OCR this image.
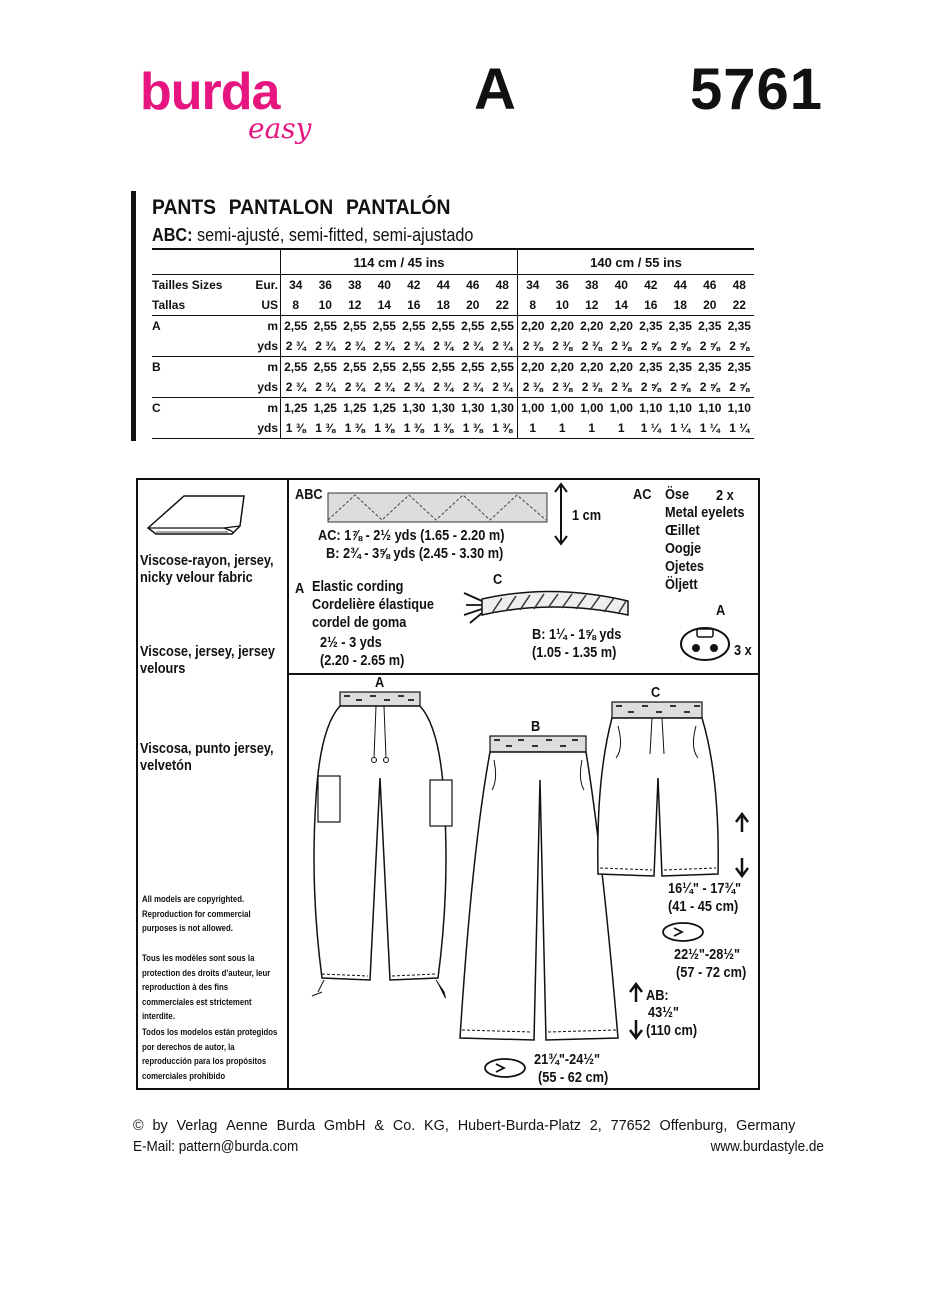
burda
easy
A	5761
PANTS PANTALON PANTALÓN
ABC: semi-ajusté, semi-fitted, semi-ajustado
		114 cm / 45 ins								140 cm / 55 ins							
Tailles Sizes	Eur.	34	36	38	40	42	44	46	48	34	36	38	40	42	44	46	48
Tallas	US	8	10	12	14	16	18	20	22	8	10	12	14	16	18	20	22
A	m	2,55	2,55	2,55	2,55	2,55	2,55	2,55	2,55	2,20	2,20	2,20	2,20	2,35	2,35	2,35	2,35
	yds	2 ¾	2 ¾	2 ¾	2 ¾	2 ¾	2 ¾	2 ¾	2 ¾	2 ⅜	2 ⅜	2 ⅜	2 ⅜	2 ⅝	2 ⅝	2 ⅝	2 ⅝
B	m	2,55	2,55	2,55	2,55	2,55	2,55	2,55	2,55	2,20	2,20	2,20	2,20	2,35	2,35	2,35	2,35
	yds	2 ¾	2 ¾	2 ¾	2 ¾	2 ¾	2 ¾	2 ¾	2 ¾	2 ⅜	2 ⅜	2 ⅜	2 ⅜	2 ⅝	2 ⅝	2 ⅝	2 ⅝
C	m	1,25	1,25	1,25	1,25	1,30	1,30	1,30	1,30	1,00	1,00	1,00	1,00	1,10	1,10	1,10	1,10
	yds	1 ⅜	1 ⅜	1 ⅜	1 ⅜	1 ⅜	1 ⅜	1 ⅜	1 ⅜	1	1	1	1	1 ¼	1 ¼	1 ¼	1 ¼
Viscose-rayon, jersey, nicky velour fabric
Viscose, jersey, jersey velours
Viscosa, punto jersey, velvetón
All models are copyrighted. Reproduction for commercial purposes is not allowed.
Tous les modèles sont sous la protection des droits d'auteur, leur reproduction à des fins commerciales est strictement interdite.
Todos los modelos están protegidos por derechos de autor, la reproducción para los propósitos comerciales prohibido
ABC
1 cm
AC: 1⅞ - 2½ yds (1.65 - 2.20 m)
B: 2¾ - 3⅝ yds (2.45 - 3.30 m)
A Elastic cording
Cordelière élastique
cordel de goma
2½ - 3 yds
(2.20 - 2.65 m)
C
B: 1¼ - 1⅝ yds
(1.05 - 1.35 m)
AC	2 x
Öse
Metal eyelets
Œillet
Oogje
Ojetes
Öljett
A
3 x
A
B
C
16¼" - 17¾"
(41 - 45 cm)
22½"-28½"
(57 - 72 cm)
AB:
43½"
(110 cm)
21¾"-24½"
(55 - 62 cm)
© by Verlag Aenne Burda GmbH & Co. KG, Hubert-Burda-Platz 2, 77652 Offenburg, Germany
E-Mail: pattern@burda.com	www.burdastyle.de
